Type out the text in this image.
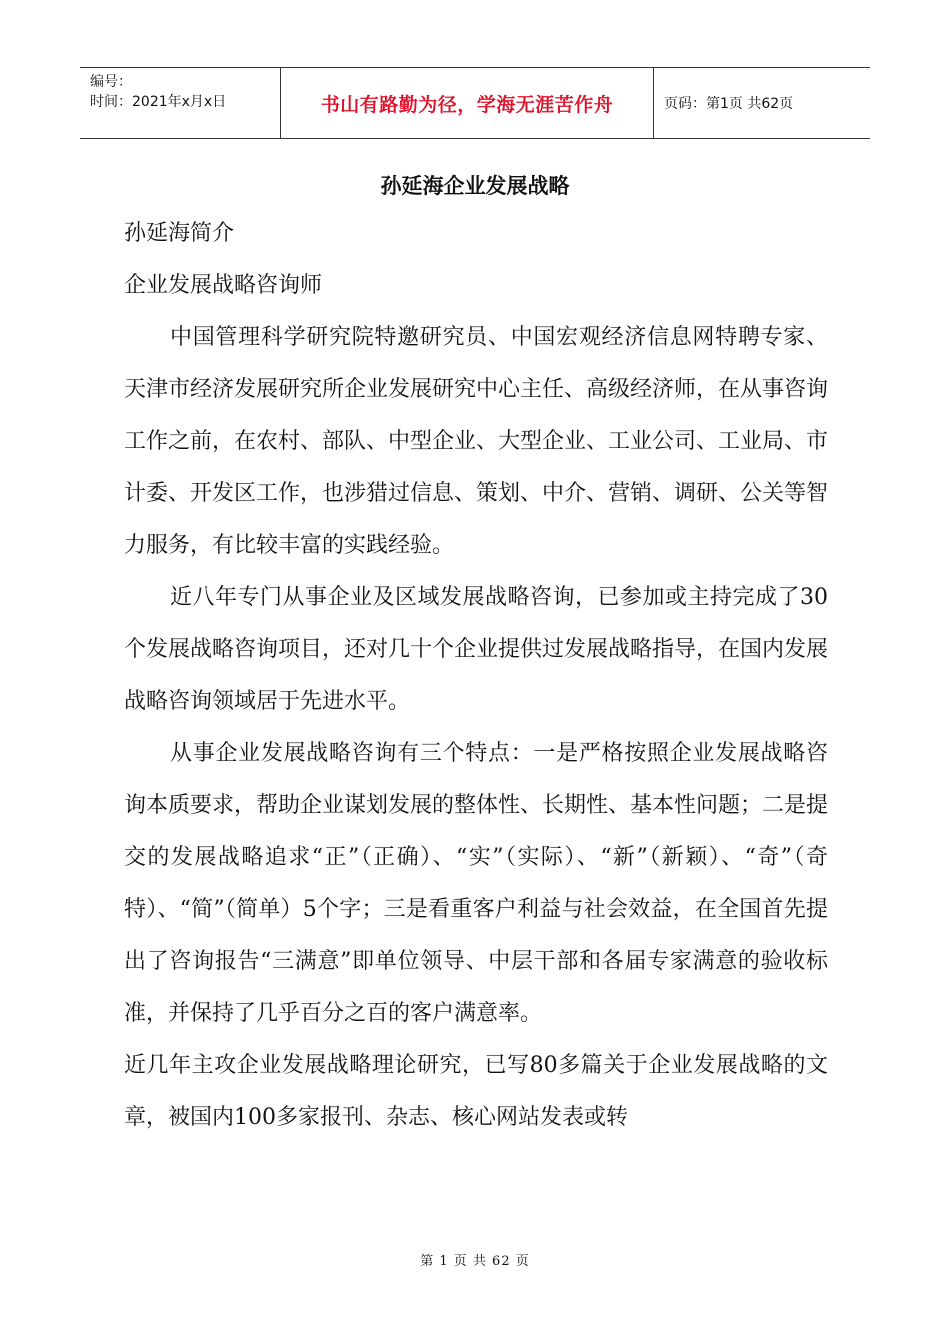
编号：
时间：2021年x月x日	书山有路勤为径，学海无涯苦作舟	页码：第1页 共62页
孙延海企业发展战略

孙延海简介

企业发展战略咨询师

中国管理科学研究院特邀研究员、中国宏观经济信息网特聘专家、天津市经济发展研究所企业发展研究中心主任、高级经济师，在从事咨询工作之前，在农村、部队、中型企业、大型企业、工业公司、工业局、市计委、开发区工作，也涉猎过信息、策划、中介、营销、调研、公关等智力服务，有比较丰富的实践经验。

近八年专门从事企业及区域发展战略咨询，已参加或主持完成了30个发展战略咨询项目，还对几十个企业提供过发展战略指导，在国内发展战略咨询领域居于先进水平。

从事企业发展战略咨询有三个特点：一是严格按照企业发展战略咨询本质要求，帮助企业谋划发展的整体性、长期性、基本性问题；二是提交的发展战略追求“正”（正确）、“实”（实际）、“新”（新颖）、“奇”（奇特）、“简”（简单）5个字；三是看重客户利益与社会效益，在全国首先提出了咨询报告“三满意”即单位领导、中层干部和各届专家满意的验收标准，并保持了几乎百分之百的客户满意率。

近几年主攻企业发展战略理论研究，已写80多篇关于企业发展战略的文章，被国内100多家报刊、杂志、核心网站发表或转

第 1 页 共 62 页
